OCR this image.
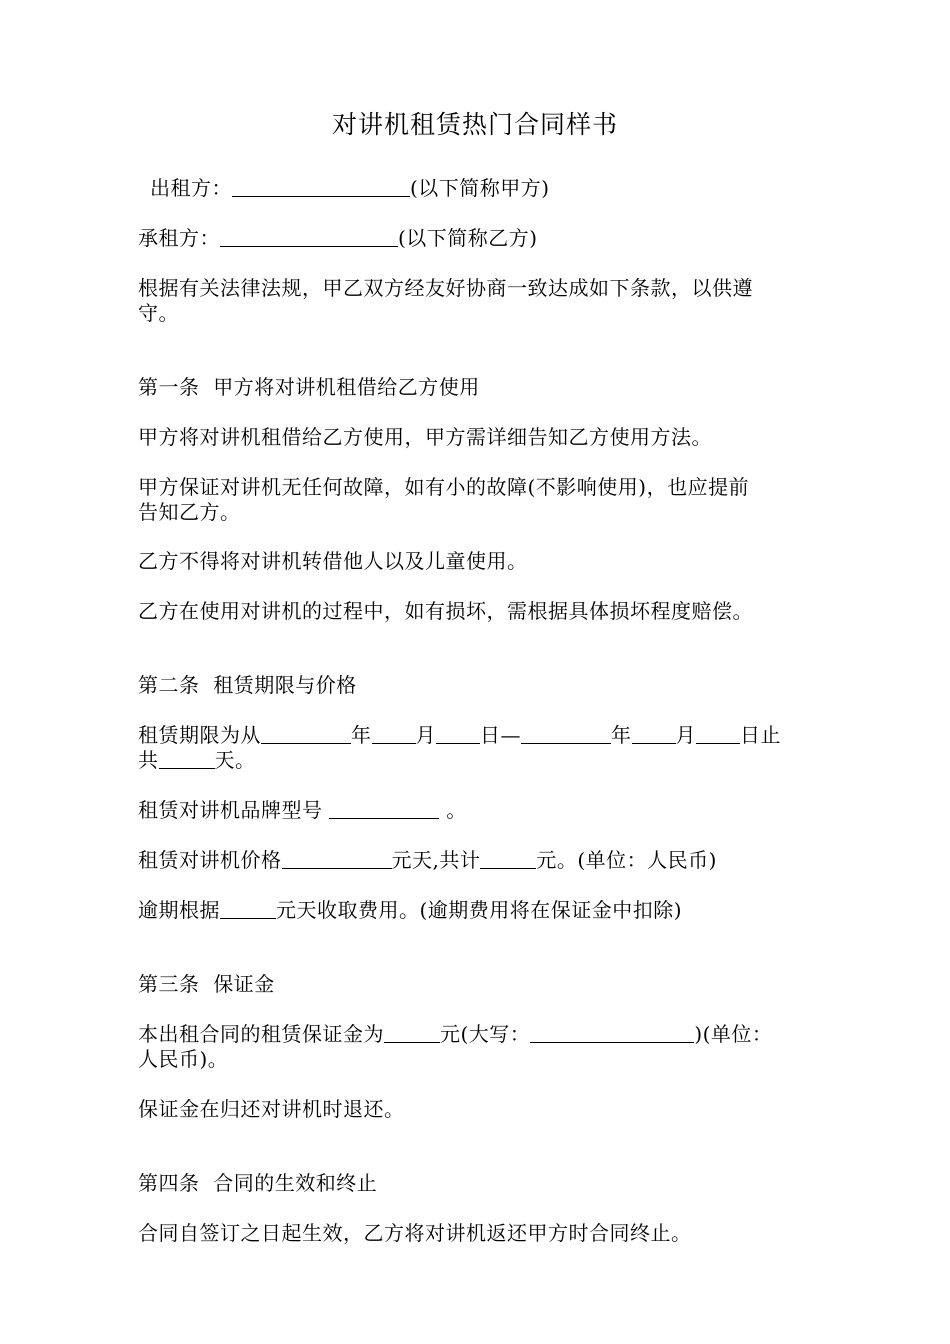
对讲机租赁热门合同样书
出租方：	(以下简称甲方)
承租方：	(以下简称乙方)
根据有关法律法规，甲乙双方经友好协商一致达成如下条款，以供遵
守。
第一条  甲方将对讲机租借给乙方使用
甲方将对讲机租借给乙方使用，甲方需详细告知乙方使用方法。
甲方保证对讲机无任何故障，如有小的故障(不影响使用)，也应提前
告知乙方。
乙方不得将对讲机转借他人以及儿童使用。
乙方在使用对讲机的过程中，如有损坏，需根据具体损坏程度赔偿。
第二条  租赁期限与价格
租赁期限为从	年 月 日—	年 月 日止
共	天。
租赁对讲机品牌型号	。
租赁对讲机价格	元天,共计	元。(单位：人民币)
逾期根据	元天收取费用。(逾期费用将在保证金中扣除)
第三条  保证金
本出租合同的租赁保证金为	元(大写：	)(单位：
人民币)。
保证金在归还对讲机时退还。
第四条  合同的生效和终止
合同自签订之日起生效，乙方将对讲机返还甲方时合同终止。
